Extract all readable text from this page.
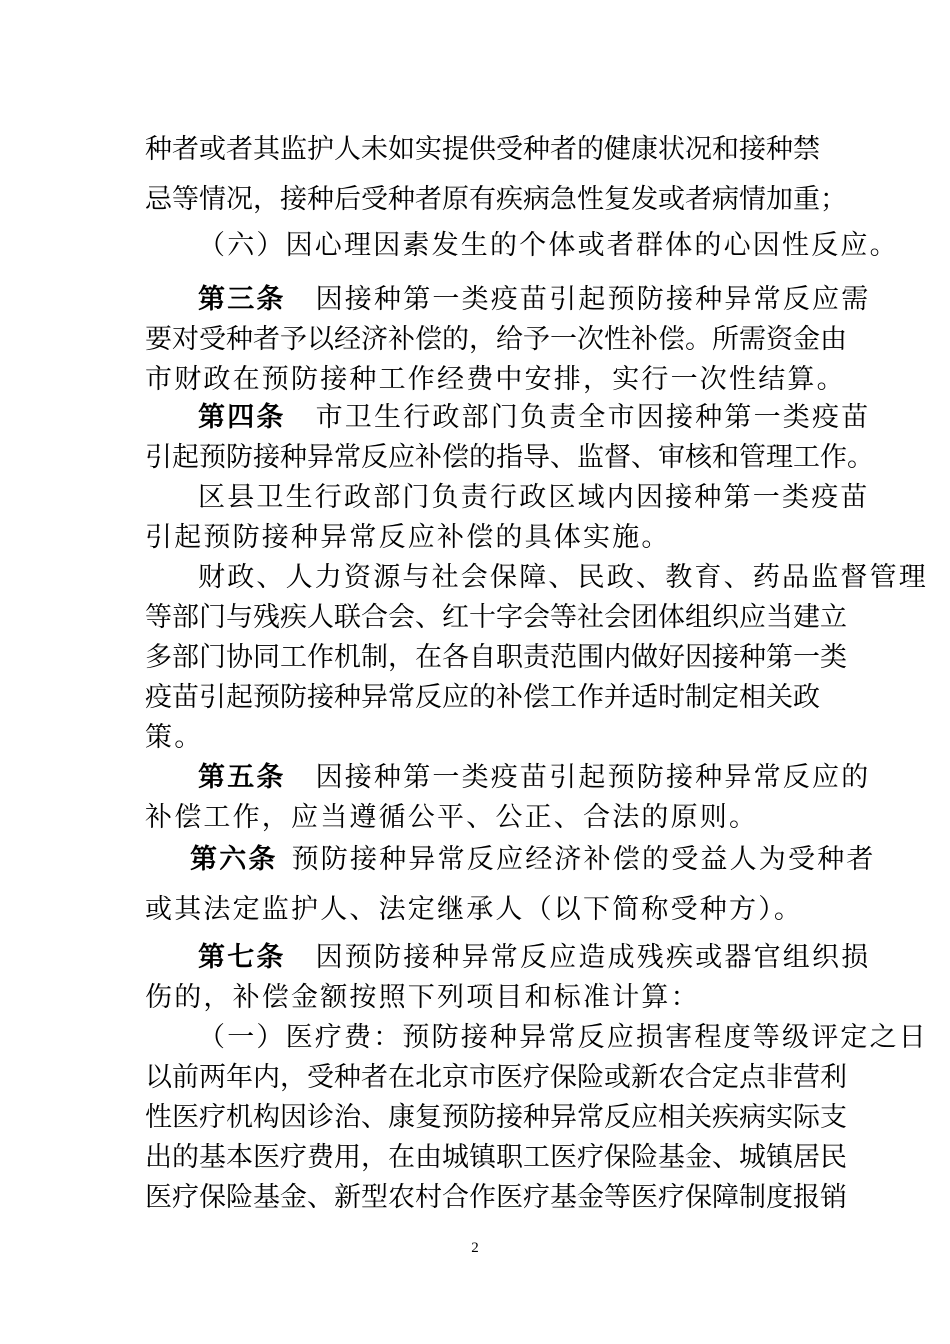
种者或者其监护人未如实提供受种者的健康状况和接种禁
忌等情况，接种后受种者原有疾病急性复发或者病情加重；
（六）因心理因素发生的个体或者群体的心因性反应。
第三条 因接种第一类疫苗引起预防接种异常反应需
要对受种者予以经济补偿的，给予一次性补偿。所需资金由
市财政在预防接种工作经费中安排，实行一次性结算。
第四条 市卫生行政部门负责全市因接种第一类疫苗
引起预防接种异常反应补偿的指导、监督、审核和管理工作。
区县卫生行政部门负责行政区域内因接种第一类疫苗
引起预防接种异常反应补偿的具体实施。
财政、人力资源与社会保障、民政、教育、药品监督管理
等部门与残疾人联合会、红十字会等社会团体组织应当建立
多部门协同工作机制，在各自职责范围内做好因接种第一类
疫苗引起预防接种异常反应的补偿工作并适时制定相关政
策。
第五条 因接种第一类疫苗引起预防接种异常反应的
补偿工作，应当遵循公平、公正、合法的原则。
第六条 预防接种异常反应经济补偿的受益人为受种者
或其法定监护人、法定继承人（以下简称受种方）。
第七条 因预防接种异常反应造成残疾或器官组织损
伤的，补偿金额按照下列项目和标准计算：
（一）医疗费：预防接种异常反应损害程度等级评定之日
以前两年内，受种者在北京市医疗保险或新农合定点非营利
性医疗机构因诊治、康复预防接种异常反应相关疾病实际支
出的基本医疗费用，在由城镇职工医疗保险基金、城镇居民
医疗保险基金、新型农村合作医疗基金等医疗保障制度报销
2
